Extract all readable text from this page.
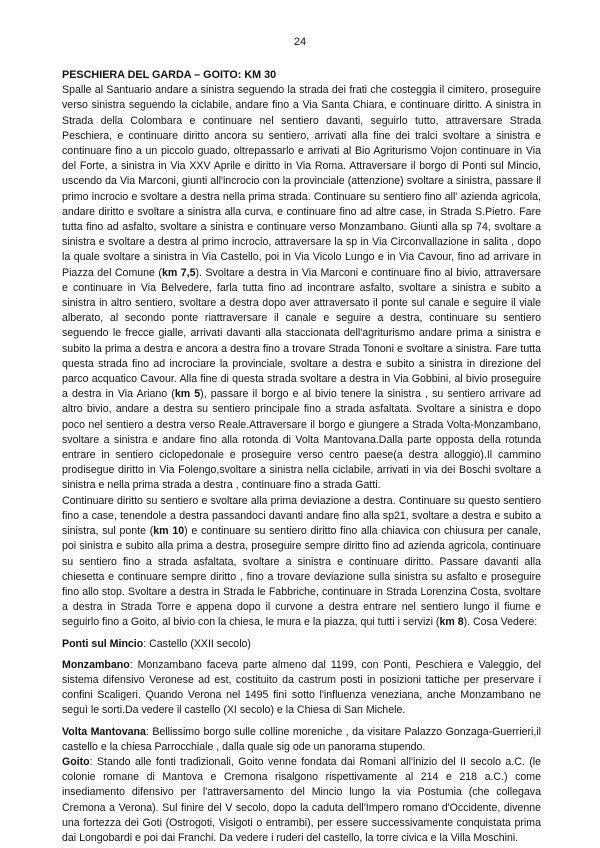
24

PESCHIERA DEL GARDA – GOITO: KM 30

Spalle al Santuario andare a sinistra seguendo la strada dei frati che costeggia il cimitero, proseguire verso sinistra seguendo la ciclabile, andare fino a Via Santa Chiara, e continuare diritto. A sinistra in Strada della Colombara e continuare nel sentiero davanti, seguirlo tutto, attraversare Strada Peschiera, e continuare diritto ancora su sentiero, arrivati alla fine dei tralci svoltare a sinistra e continuare fino a un piccolo guado, oltrepassarlo e arrivati al Bio Agriturismo Vojon continuare in Via del Forte, a sinistra in Via XXV Aprile e diritto in Via Roma. Attraversare il borgo di Ponti sul Mincio, uscendo da Via Marconi, giunti all'incrocio con la provinciale (attenzione) svoltare a sinistra, passare il primo incrocio e svoltare a destra nella prima strada. Continuare su sentiero fino all' azienda agricola, andare diritto e svoltare a sinistra alla curva, e continuare fino ad altre case, in Strada S.Pietro. Fare tutta fino ad asfalto, svoltare a sinistra e continuare verso Monzambano. Giunti alla sp 74, svoltare a sinistra e svoltare a destra al primo incrocio, attraversare la sp in Via Circonvallazione in salita , dopo la quale svoltare a sinistra in Via Castello, poi in Via Vicolo Lungo e in Via Cavour, fino ad arrivare in Piazza del Comune (km 7,5). Svoltare a destra in Via Marconi e continuare fino al bivio, attraversare e continuare in Via Belvedere, farla tutta fino ad incontrare asfalto, svoltare a sinistra e subito a sinistra in altro sentiero, svoltare a destra dopo aver attraversato il ponte sul canale e seguire il viale alberato, al secondo ponte riattraversare il canale e seguire a destra, continuare su sentiero seguendo le frecce gialle, arrivati davanti alla staccionata dell'agriturismo andare prima a sinistra e subito la prima a destra e ancora a destra fino a trovare Strada Tononi e svoltare a sinistra. Fare tutta questa strada fino ad incrociare la provinciale, svoltare a destra e subito a sinistra in direzione del parco acquatico Cavour. Alla fine di questa strada svoltare a destra in Via Gobbini, al bivio proseguire a destra in Via Ariano (km 5), passare il borgo e al bivio tenere la sinistra , su sentiero arrivare ad altro bivio, andare a destra su sentiero principale fino a strada asfaltata. Svoltare a sinistra e dopo poco nel sentiero a destra verso Reale.Attraversare il borgo e giungere a Strada Volta-Monzambano, svoltare a sinistra e andare fino alla rotonda di Volta Mantovana.Dalla parte opposta della rotunda entrare in sentiero ciclopedonale e proseguire verso centro paese(a destra alloggio).Il cammino prodisegue diritto in Via Folengo,svoltare a sinistra nella ciclabile, arrivati in via dei Boschi svoltare a sinistra e nella prima strada a destra , continuare fino a strada Gatti.

Continuare diritto su sentiero e svoltare alla prima deviazione a destra. Continuare su questo sentiero fino a case, tenendole a destra passandoci davanti andare fino alla sp21, svoltare a destra e subito a sinistra, sul ponte (km 10) e continuare su sentiero diritto fino alla chiavica con chiusura per canale, poi sinistra e subito alla prima a destra, proseguire sempre diritto fino ad azienda agricola, continuare su sentiero fino a strada asfaltata, svoltare a sinistra e continuare diritto. Passare davanti alla chiesetta e continuare sempre diritto , fino a trovare deviazione sulla sinistra su asfalto e proseguire fino allo stop. Svoltare a destra in Strada le Fabbriche, continuare in Strada Lorenzina Costa, svoltare a destra in Strada Torre e appena dopo il curvone a destra entrare nel sentiero lungo il fiume e seguirlo fino a Goito, al bivio con la chiesa, le mura e la piazza, qui tutti i servizi (km 8). Cosa Vedere:

Ponti sul Mincio: Castello (XXII secolo)

Monzambano: Monzambano faceva parte almeno dal 1199, con Ponti, Peschiera e Valeggio, del sistema difensivo Veronese ad est, costituito da castrum posti in posizioni tattiche per preservare i confini Scaligeri. Quando Verona nel 1495 finì sotto l'influenza veneziana, anche Monzambano ne seguì le sorti.Da vedere il castello (XI secolo) e la Chiesa di San Michele.

Volta Mantovana: Bellissimo borgo sulle colline moreniche , da visitare Palazzo Gonzaga-Guerrieri,il castello e la chiesa Parrocchiale , dalla quale sig ode un panorama stupendo.

Goito: Stando alle fonti tradizionali, Goito venne fondata dai Romani all'inizio del II secolo a.C. (le colonie romane di Mantova e Cremona risalgono rispettivamente al 214 e 218 a.C.) come insediamento difensivo per l'attraversamento del Mincio lungo la via Postumia (che collegava Cremona a Verona). Sul finire del V secolo, dopo la caduta dell'Impero romano d'Occidente, divenne una fortezza dei Goti (Ostrogoti, Visigoti o entrambi), per essere successivamente conquistata prima dai Longobardi e poi dai Franchi. Da vedere i ruderi del castello, la torre civica e la Villa Moschini.
